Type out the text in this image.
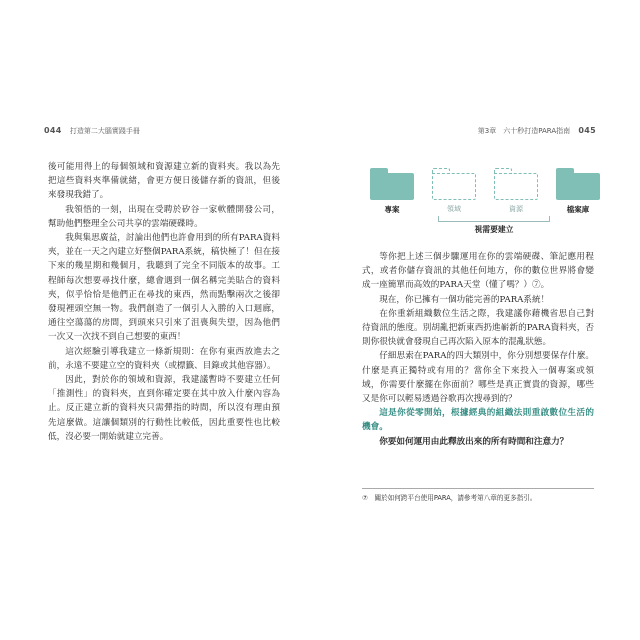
044 打造第二大腦實踐手冊	第3章　六十秒打造PARA指南 045

後可能用得上的每個領域和資源建立新的資料夾。我以為先把這些資料夾準備就緒，會更方便日後儲存新的資訊，但後來發現我錯了。

我領悟的一刻，出現在受聘於矽谷一家軟體開發公司，幫助他們整理全公司共享的雲端硬碟時。

我與集思廣益，討論出他們也許會用到的所有PARA資料夾，並在一天之內建立好整個PARA系統，稿快極了！但在接下來的幾星期和幾個月，我聽到了完全不同版本的故事。工程師每次想要尋找什麼，總會遇到一個名稱完美貼合的資料夾，似乎恰恰是他們正在尋找的東西，然而點擊兩次之後卻發現裡頭空無一物。我們創造了一個引人入勝的入口迴廊，通往空蕩蕩的房間，到頭來只引來了沮喪與失望，因為他們一次又一次找不到自己想要的東西！

這次經驗引導我建立一條新規則：在你有東西放進去之前，永遠不要建立空的資料夾（或標籤、目錄或其他容器）。

因此，對於你的領域和資源，我建議暫時不要建立任何「推測性」的資料夾，直到你確定要在其中放入什麼內容為止。反正建立新的資料夾只需彈指的時間，所以沒有理由預先這麼做。這讓個類別的行動性比較低，因此重要性也比較低，沒必要一開始就建立完善。

專案	領域	資源	檔案庫
視需要建立

等你把上述三個步驟運用在你的雲端硬碟、筆記應用程式，或者你儲存資訊的其他任何地方，你的數位世界將會變成一座簡單而高效的PARA天堂（懂了嗎？）⑦。

現在，你已擁有一個功能完善的PARA系統！

在你重新組織數位生活之際，我建議你藉機省思自己對待資訊的態度。別胡亂把新東西扔進嶄新的PARA資料夾，否則你很快就會發現自己再次陷入原本的混亂狀態。

仔細思索在PARA的四大類別中，你分別想要保存什麼。什麼是真正獨特或有用的？當你全下來投入一個專案或領域，你需要什麼擺在你面前？哪些是真正實貴的資源，哪些又是你可以輕易透過谷歌再次搜尋到的？

這是你從零開始，根據經典的組織法則重啟數位生活的機會。

你要如何運用由此釋放出來的所有時間和注意力？

⑦　關於如何跨平台使用PARA，請參考第八章的更多指引。
